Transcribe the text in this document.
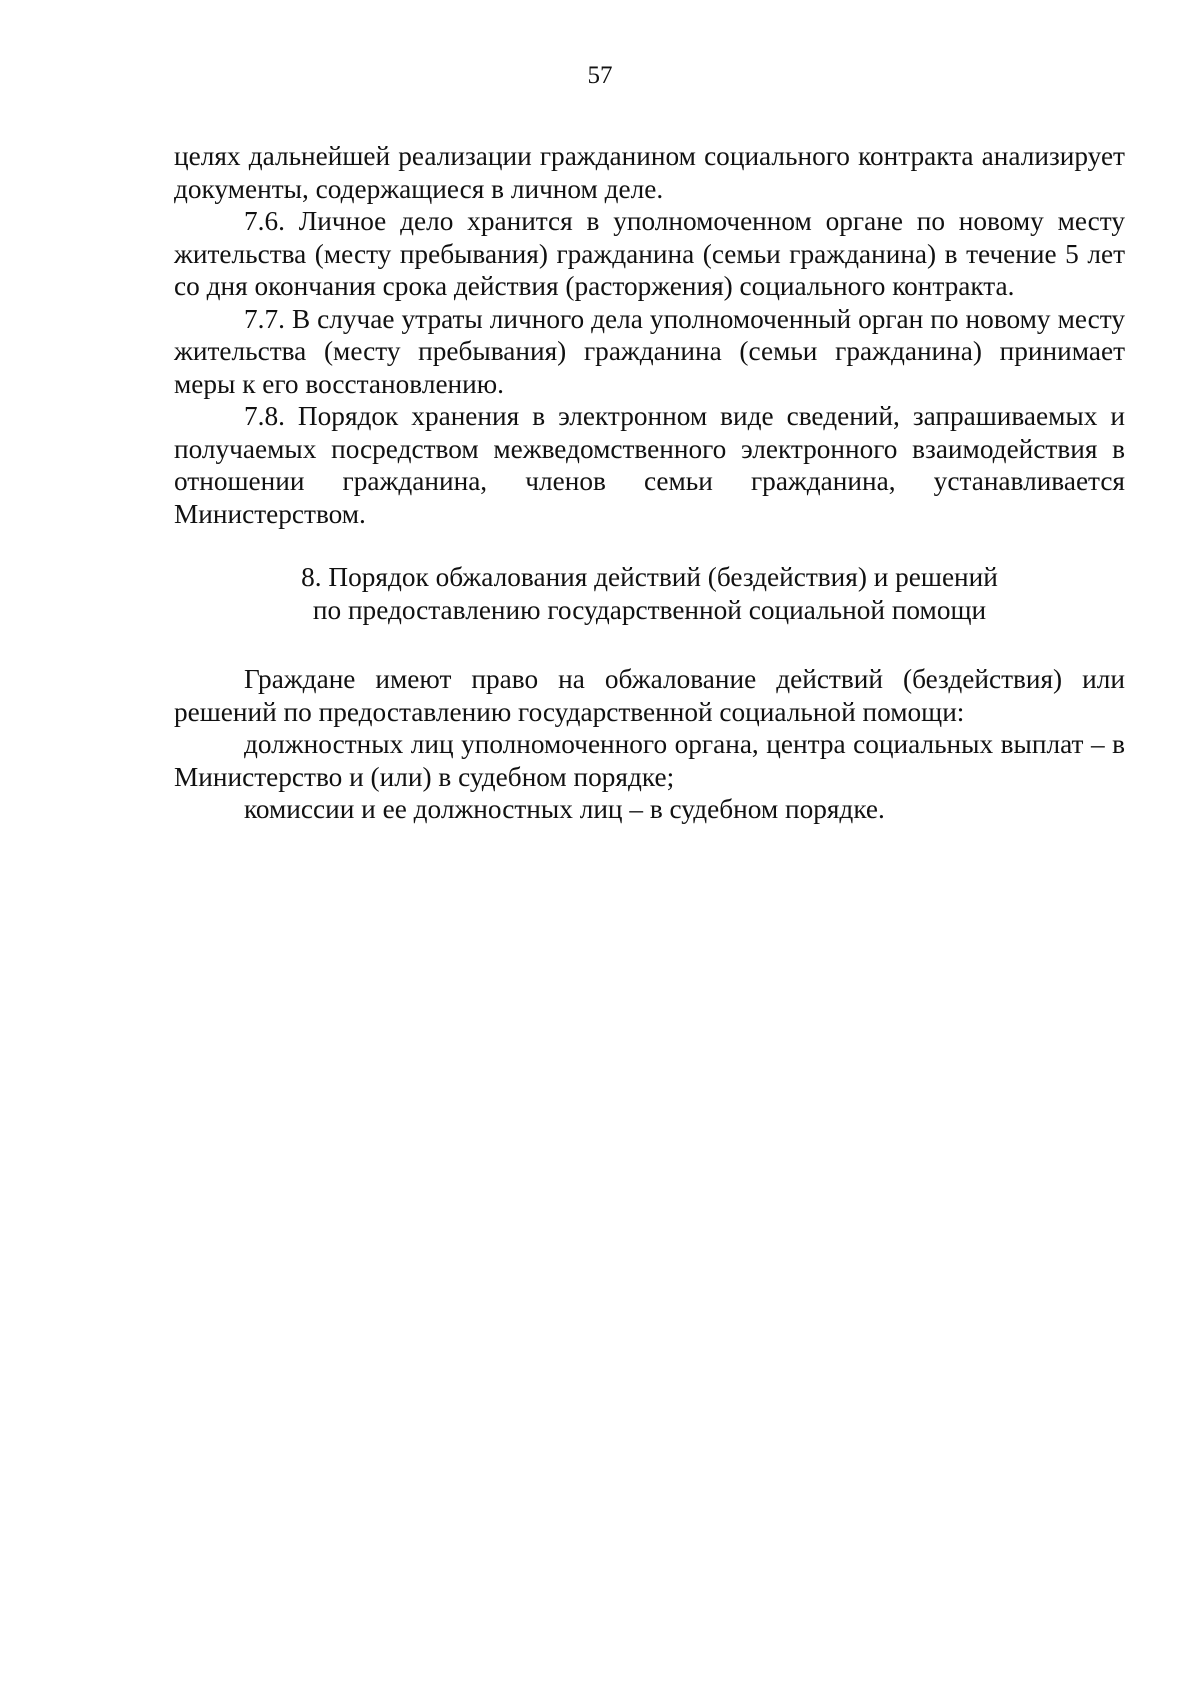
57

целях дальнейшей реализации гражданином социального контракта анализирует документы, содержащиеся в личном деле.

7.6. Личное дело хранится в уполномоченном органе по новому месту жительства (месту пребывания) гражданина (семьи гражданина) в течение 5 лет со дня окончания срока действия (расторжения) социального контракта.

7.7. В случае утраты личного дела уполномоченный орган по новому месту жительства (месту пребывания) гражданина (семьи гражданина) принимает меры к его восстановлению.

7.8. Порядок хранения в электронном виде сведений, запрашиваемых и получаемых посредством межведомственного электронного взаимодействия в отношении гражданина, членов семьи гражданина, устанавливается Министерством.

8. Порядок обжалования действий (бездействия) и решений
по предоставлению государственной социальной помощи

Граждане имеют право на обжалование действий (бездействия) или решений по предоставлению государственной социальной помощи:

должностных лиц уполномоченного органа, центра социальных выплат – в Министерство и (или) в судебном порядке;

комиссии и ее должностных лиц – в судебном порядке.
